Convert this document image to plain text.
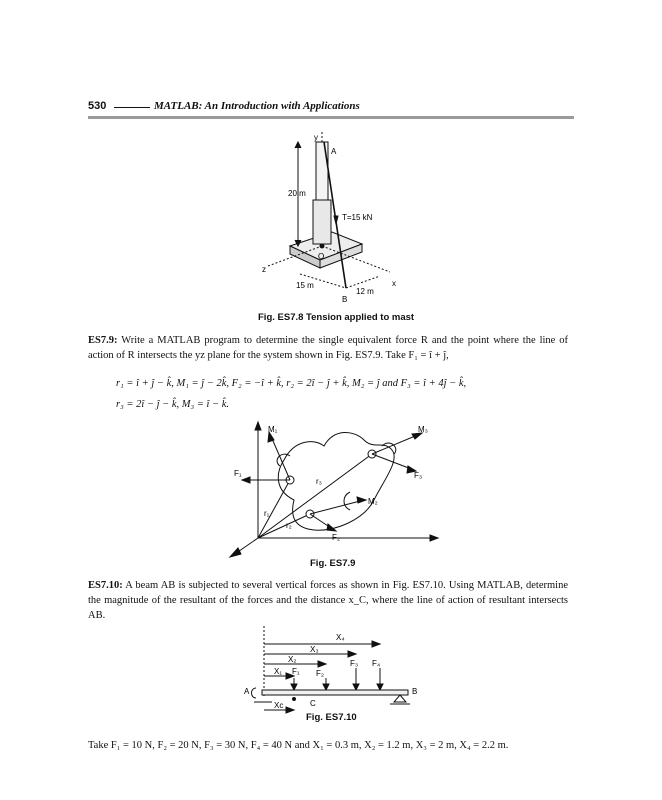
530	MATLAB: An Introduction with Applications
y
A
20 m
T=15 kN
O
z
x
15 m
12 m
B
Fig. ES7.8 Tension applied to mast
ES7.9: Write a MATLAB program to determine the single equivalent force R and the point where the line of action of R intersects the yz plane for the system shown in Fig. ES7.9. Take F₁ = î + ĵ,
r₁ = î + ĵ − k̂, M₁ = ĵ − 2k̂, F₂ = −î + k̂, r₂ = 2î − ĵ + k̂, M₂ = ĵ and F₃ = î + 4ĵ − k̂,
r₃ = 2î − ĵ − k̂, M₃ = î − k̂.
M₁	M₃
F₁	F₃
r₃
r₁
r₂
M₂
F₂
Fig. ES7.9
ES7.10: A beam AB is subjected to several vertical forces as shown in Fig. ES7.10. Using MATLAB, determine the magnitude of the resultant of the forces and the distance x_C, where the line of action of resultant intersects AB.
X₄
X₃
X₂
X₁ F₁ F₂
F₃ F₄
A	B
C
Xc
Fig. ES7.10
Take F₁ = 10 N, F₂ = 20 N, F₃ = 30 N, F₄ = 40 N and X₁ = 0.3 m, X₂ = 1.2 m, X₃ = 2 m, X₄ = 2.2 m.
